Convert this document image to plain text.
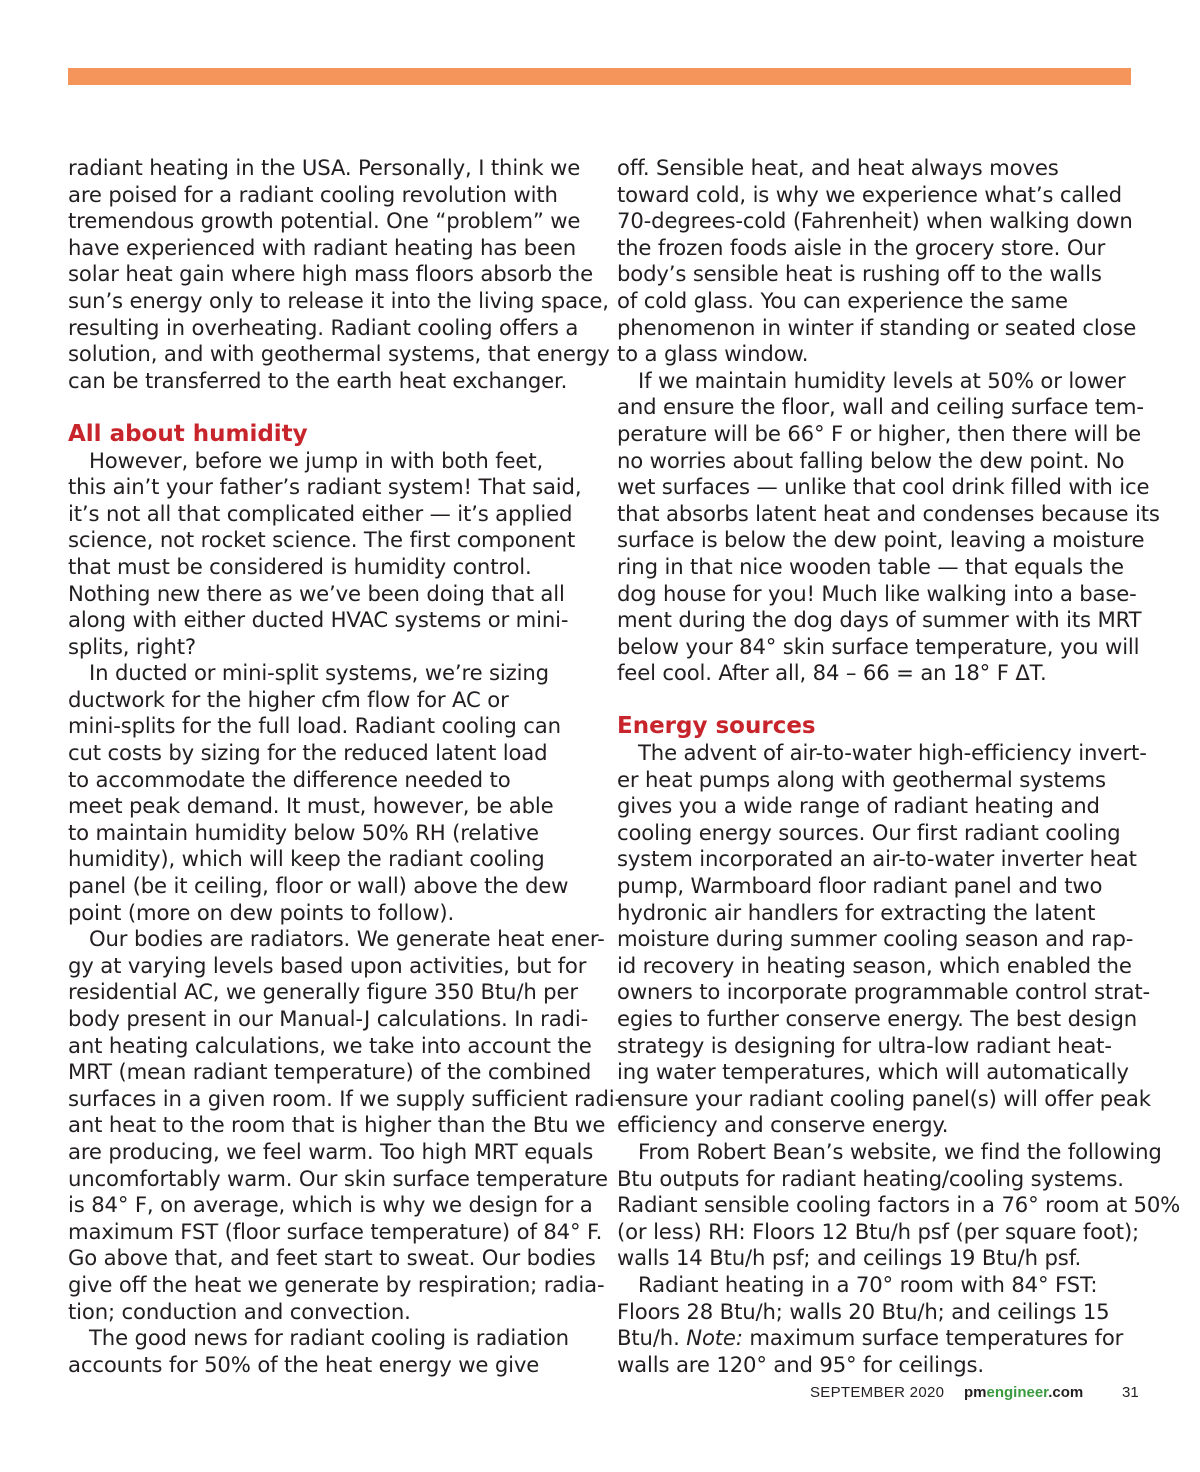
radiant heating in the USA. Personally, I think we
are poised for a radiant cooling revolution with
tremendous growth potential. One “problem” we
have experienced with radiant heating has been
solar heat gain where high mass floors absorb the
sun’s energy only to release it into the living space,
resulting in overheating. Radiant cooling offers a
solution, and with geothermal systems, that energy
can be transferred to the earth heat exchanger.
All about humidity
However, before we jump in with both feet,
this ain’t your father’s radiant system! That said,
it’s not all that complicated either — it’s applied
science, not rocket science. The first component
that must be considered is humidity control.
Nothing new there as we’ve been doing that all
along with either ducted HVAC systems or mini-
splits, right?
In ducted or mini-split systems, we’re sizing
ductwork for the higher cfm flow for AC or
mini-splits for the full load. Radiant cooling can
cut costs by sizing for the reduced latent load
to accommodate the difference needed to
meet peak demand. It must, however, be able
to maintain humidity below 50% RH (relative
humidity), which will keep the radiant cooling
panel (be it ceiling, floor or wall) above the dew
point (more on dew points to follow).
Our bodies are radiators. We generate heat ener-
gy at varying levels based upon activities, but for
residential AC, we generally figure 350 Btu/h per
body present in our Manual-J calculations. In radi-
ant heating calculations, we take into account the
MRT (mean radiant temperature) of the combined
surfaces in a given room. If we supply sufficient radi-
ant heat to the room that is higher than the Btu we
are producing, we feel warm. Too high MRT equals
uncomfortably warm. Our skin surface temperature
is 84° F, on average, which is why we design for a
maximum FST (floor surface temperature) of 84° F.
Go above that, and feet start to sweat. Our bodies
give off the heat we generate by respiration; radia-
tion; conduction and convection.
The good news for radiant cooling is radiation
accounts for 50% of the heat energy we give
off. Sensible heat, and heat always moves
toward cold, is why we experience what’s called
70-degrees-cold (Fahrenheit) when walking down
the frozen foods aisle in the grocery store. Our
body’s sensible heat is rushing off to the walls
of cold glass. You can experience the same
phenomenon in winter if standing or seated close
to a glass window.
If we maintain humidity levels at 50% or lower
and ensure the floor, wall and ceiling surface tem-
perature will be 66° F or higher, then there will be
no worries about falling below the dew point. No
wet surfaces — unlike that cool drink filled with ice
that absorbs latent heat and condenses because its
surface is below the dew point, leaving a moisture
ring in that nice wooden table — that equals the
dog house for you! Much like walking into a base-
ment during the dog days of summer with its MRT
below your 84° skin surface temperature, you will
feel cool. After all, 84 – 66 = an 18° F ΔT.
Energy sources
The advent of air-to-water high-efficiency invert-
er heat pumps along with geothermal systems
gives you a wide range of radiant heating and
cooling energy sources. Our first radiant cooling
system incorporated an air-to-water inverter heat
pump, Warmboard floor radiant panel and two
hydronic air handlers for extracting the latent
moisture during summer cooling season and rap-
id recovery in heating season, which enabled the
owners to incorporate programmable control strat-
egies to further conserve energy. The best design
strategy is designing for ultra-low radiant heat-
ing water temperatures, which will automatically
ensure your radiant cooling panel(s) will offer peak
efficiency and conserve energy.
From Robert Bean’s website, we find the following
Btu outputs for radiant heating/cooling systems.
Radiant sensible cooling factors in a 76° room at 50%
(or less) RH: Floors 12 Btu/h psf (per square foot);
walls 14 Btu/h psf; and ceilings 19 Btu/h psf.
Radiant heating in a 70° room with 84° FST:
Floors 28 Btu/h; walls 20 Btu/h; and ceilings 15
Btu/h. Note: maximum surface temperatures for
walls are 120° and 95° for ceilings.
SEPTEMBER 2020 pmengineer.com	31
